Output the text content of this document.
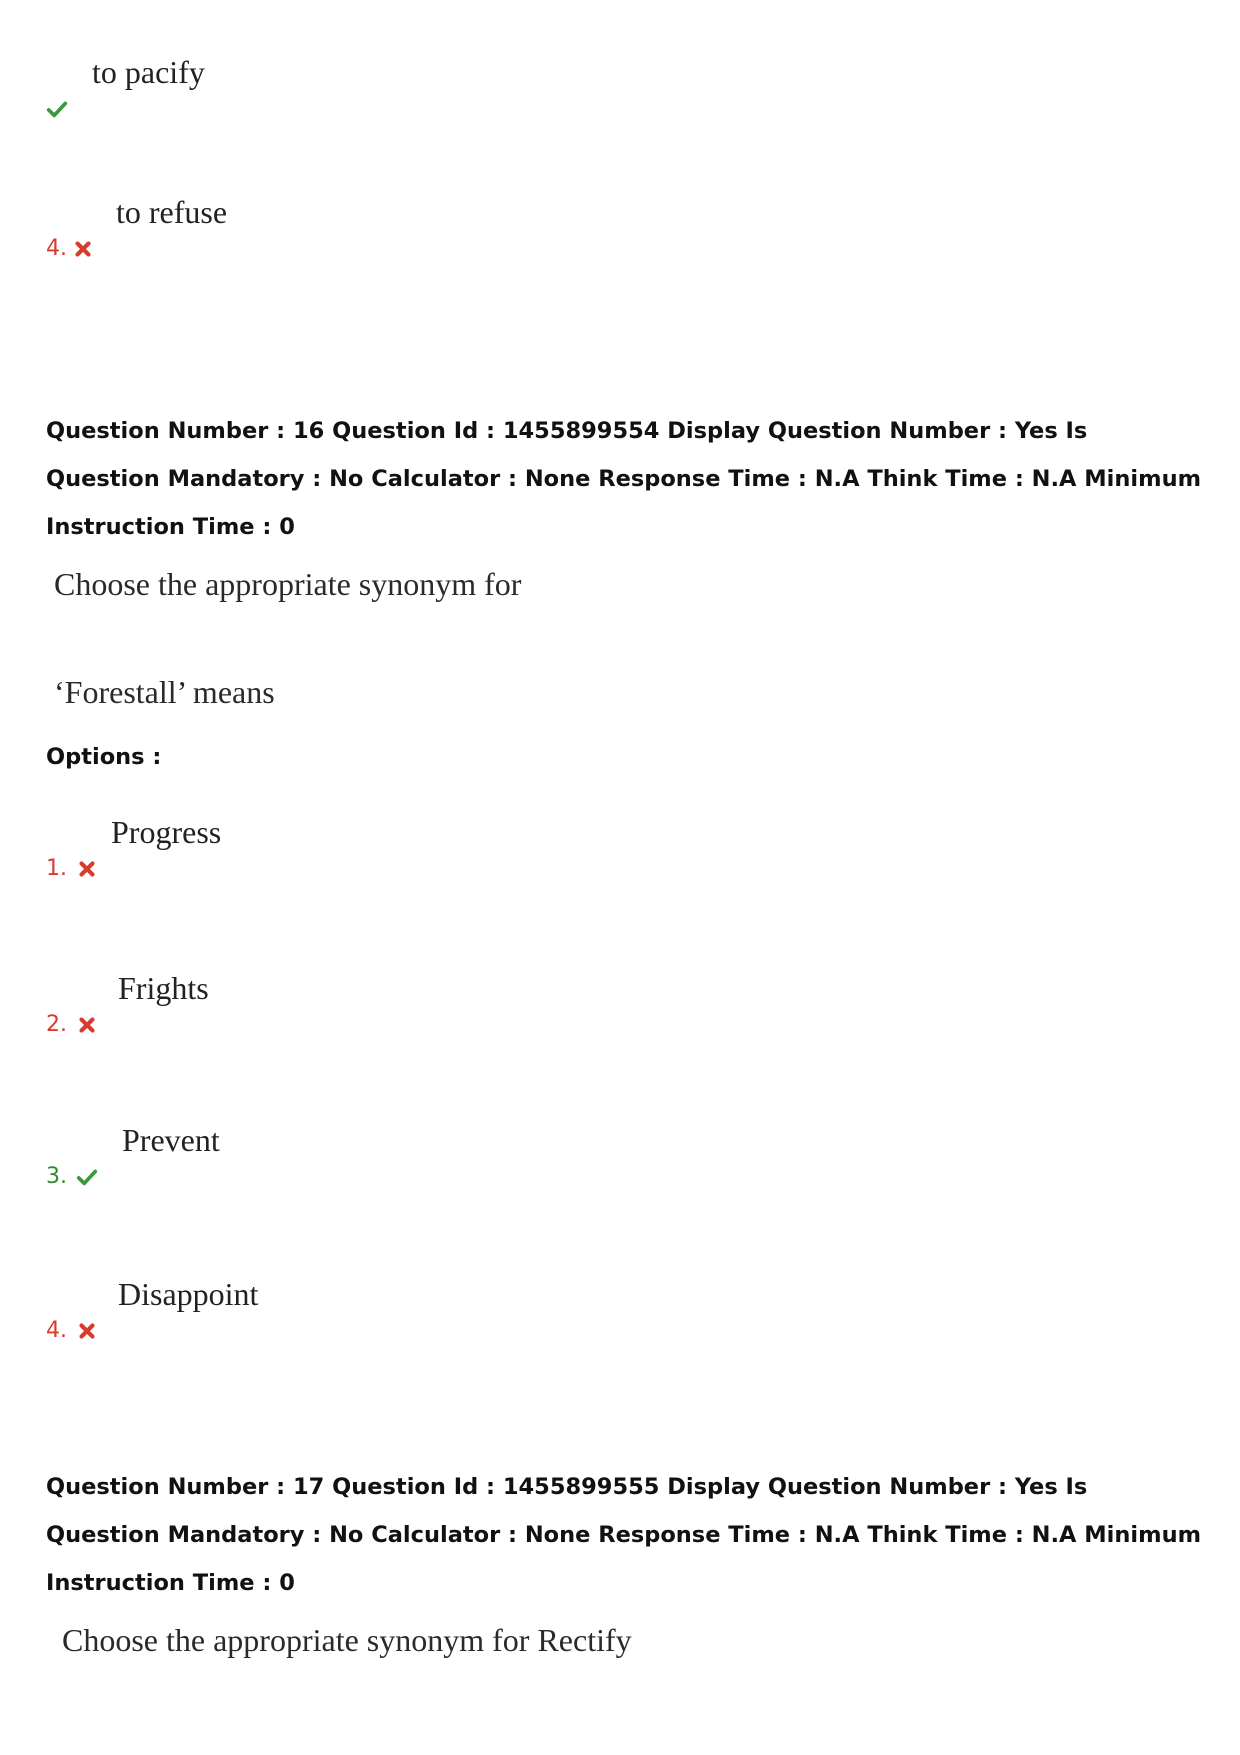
to pacify
4.
to refuse
Question Number : 16 Question Id : 1455899554 Display Question Number : Yes Is Question Mandatory : No Calculator : None Response Time : N.A Think Time : N.A Minimum Instruction Time : 0
Choose the appropriate synonym for
‘Forestall’ means
Options :
1.
Progress
2.
Frights
3.
Prevent
4.
Disappoint
Question Number : 17 Question Id : 1455899555 Display Question Number : Yes Is Question Mandatory : No Calculator : None Response Time : N.A Think Time : N.A Minimum Instruction Time : 0
Choose the appropriate synonym for Rectify
